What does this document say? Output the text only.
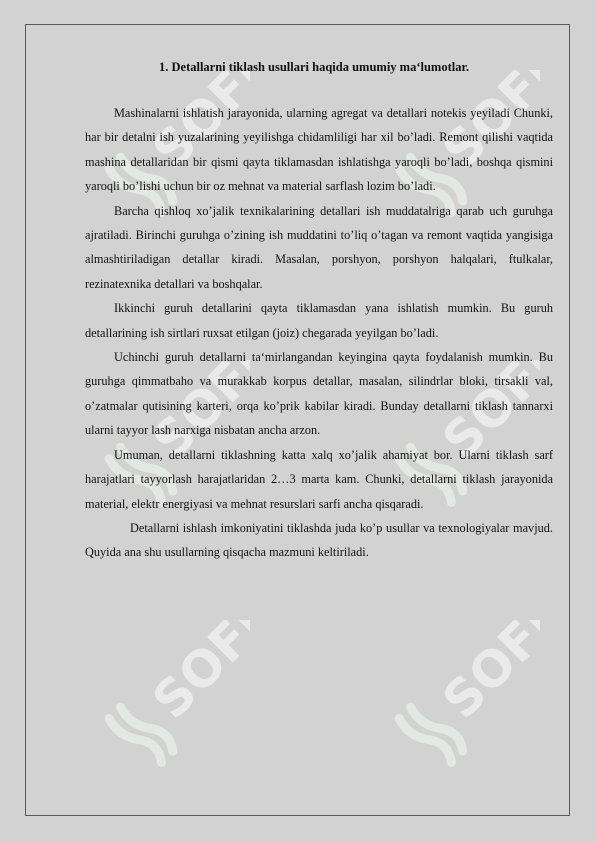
SOFF	SOFF
SOFF	SOFF
SOFF	SOFF

1. Detallarni tiklash usullari haqida umumiy ma‘lumotlar.

Mashinalarni ishlatish jarayonida, ularning agregat va detallari notekis yeyiladi Chunki, har bir detalni ish yuzalarining yeyilishga chidamliligi har xil bo’ladi. Remont qilishi vaqtida mashina detallaridan bir qismi qayta tiklamasdan ishlatishga yaroqli bo’ladi, boshqa qismini yaroqli bo’lishi uchun bir oz mehnat va material sarflash lozim bo’ladi.

Barcha qishloq xo’jalik texnikalarining detallari ish muddatalriga qarab uch guruhga ajratiladi. Birinchi guruhga o’zining ish muddatini to’liq o’tagan va remont vaqtida yangisiga almashtiriladigan detallar kiradi. Masalan, porshyon, porshyon halqalari, ftulkalar, rezinatexnika detallari va boshqalar.

Ikkinchi guruh detallarini qayta tiklamasdan yana ishlatish mumkin. Bu guruh detallarining ish sirtlari ruxsat etilgan (joiz) chegarada yeyilgan bo’ladi.

Uchinchi guruh detallarni ta‘mirlangandan keyingina qayta foydalanish mumkin. Bu guruhga qimmatbaho va murakkab korpus detallar, masalan, silindrlar bloki, tirsakli val, o’zatmalar qutisining karteri, orqa ko’prik kabilar kiradi. Bunday detallarni tiklash tannarxi ularni tayyor lash narxiga nisbatan ancha arzon.

Umuman, detallarni tiklashning katta xalq xo’jalik ahamiyat bor. Ularni tiklash sarf harajatlari tayyorlash harajatlaridan 2…3 marta kam. Chunki, detallarni tiklash jarayonida material, elektr energiyasi va mehnat resurslari sarfi ancha qisqaradi.

Detallarni ishlash imkoniyatini tiklashda juda ko’p usullar va texnologiyalar mavjud. Quyida ana shu usullarning qisqacha mazmuni keltiriladi.
